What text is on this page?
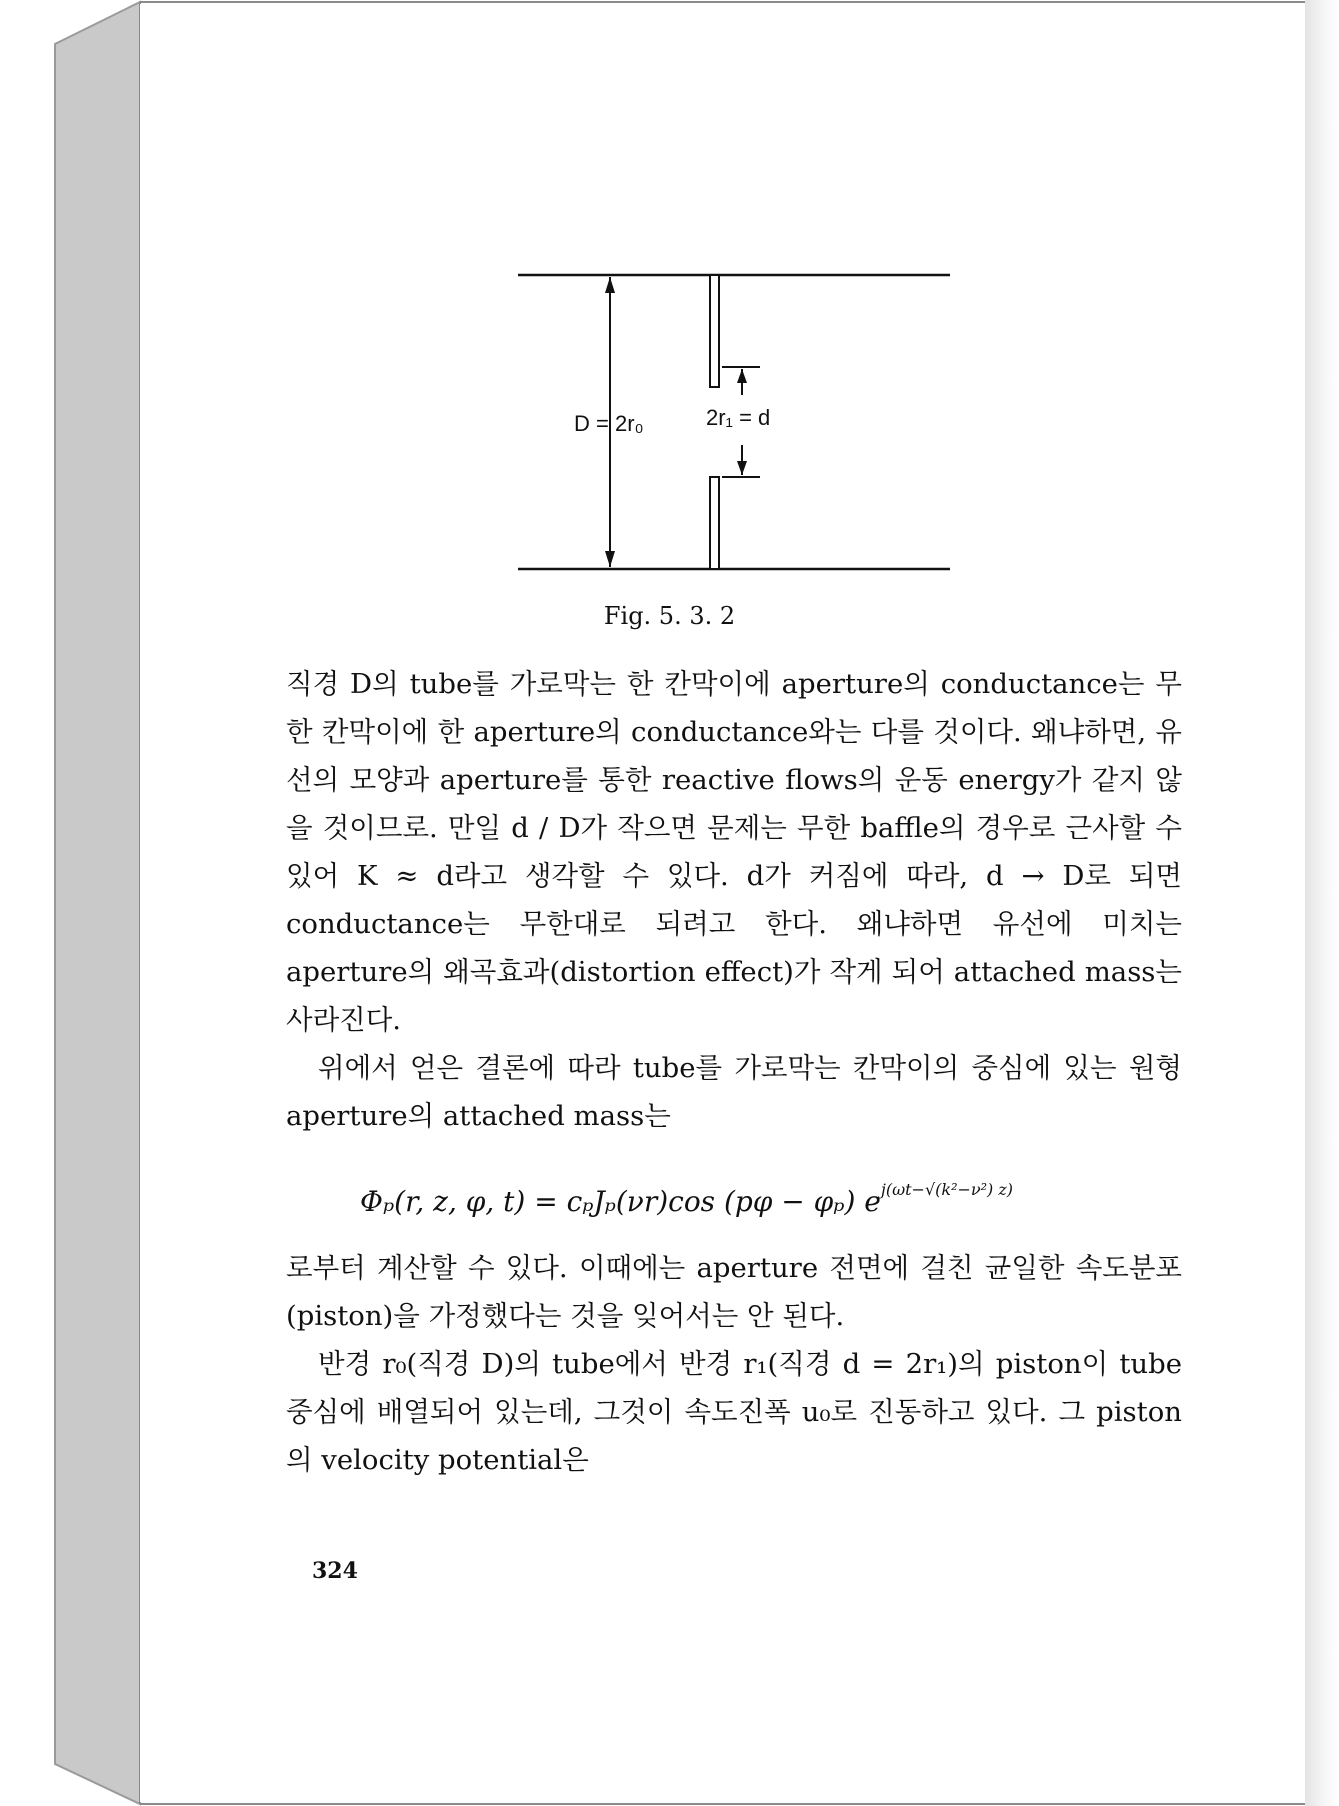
D = 2r₀	2r₁ = d
Fig. 5. 3. 2

직경 D의 tube를 가로막는 한 칸막이에 aperture의 conductance는 무한 칸막이에 한 aperture의 conductance와는 다를 것이다. 왜냐하면, 유선의 모양과 aperture를 통한 reactive flows의 운동 energy가 같지 않을 것이므로. 만일 d / D가 작으면 문제는 무한 baffle의 경우로 근사할 수 있어 K ≈ d라고 생각할 수 있다. d가 커짐에 따라, d → D로 되면 conductance는 무한대로 되려고 한다. 왜냐하면 유선에 미치는 aperture의 왜곡효과(distortion effect)가 작게 되어 attached mass는 사라진다.

위에서 얻은 결론에 따라 tube를 가로막는 칸막이의 중심에 있는 원형 aperture의 attached mass는

Φₚ(r, z, φ, t) = cₚJₚ(νr)cos (pφ − φₚ) $e^{j(\omega t-√(k^2-\nu^2) z)}$

로부터 계산할 수 있다. 이때에는 aperture 전면에 걸친 균일한 속도분포(piston)을 가정했다는 것을 잊어서는 안 된다.

반경 r₀(직경 D)의 tube에서 반경 r₁(직경 d = 2r₁)의 piston이 tube 중심에 배열되어 있는데, 그것이 속도진폭 u₀로 진동하고 있다. 그 piston의 velocity potential은

324
